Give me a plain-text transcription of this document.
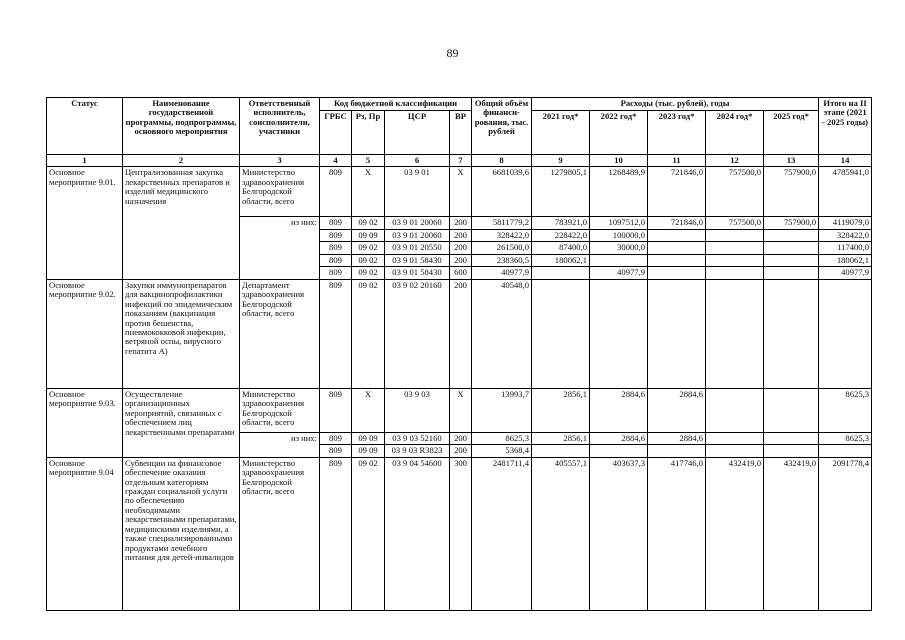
89
Статус	Наименование государственной программы, подпрограммы, основного мероприятия	Ответственный исполнитель, соисполнители, участники	Код бюджетной классификации				Общий объём финанси-рования, тыс. рублей	Расходы (тыс. рублей), годы					Итого на II этапе (2021 - 2025 годы)
			ГРБС	Рз, Пр	ЦСР	ВР		2021 год*	2022 год*	2023 год*	2024 год*	2025 год*	
1	2	3	4	5	6	7	8	9	10	11	12	13	14
Основное мероприятие 9.01.	Централизованная закупка лекарственных препаратов и изделий медицинского назначения	Министерство здравоохранения Белгородской области, всего	809	X	03 9 01	X	6681039,6	1279805,1	1268489,9	721846,0	757500,0	757900,0	4785941,0
		из них:	809	09 02	03 9 01 20060	200	5811779,2	783921,0	1097512,0	721846,0	757500,0	757900,0	4119079,0
			809	09 09	03 9 01 20060	200	328422,0	228422,0	100000,0				328422,0
			809	09 02	03 9 01 20550	200	261500,0	87400,0	30000,0				117400,0
			809	09 02	03 9 01 58430	200	238360,5	180062,1					180062,1
			809	09 02	03 9 01 58430	600	40977,9		40977,9				40977,9
Основное мероприятие 9.02.	Закупки иммунопрепаратов для вакцинопрофилактики инфекций по эпидемическим показаниям (вакцинация против бешенства, пневмококковой инфекции, ветряной оспы, вирусного гепатита А)	Департамент здравоохранения Белгородской области, всего	809	09 02	03 9 02 20160	200	40548,0						
Основное мероприятие 9.03.	Осуществление организационных мероприятий, связанных с обеспечением лиц лекарственными препаратами	Министерство здравоохранения Белгородской области, всего	809	X	03 9 03	X	13993,7	2856,1	2884,6	2884,6			8625,3
		из них:	809	09 09	03 9 03 52160	200	8625,3	2856,1	2884,6	2884,6			8625,3
			809	09 09	03 9 03 R3823	200	5368,4						
Основное мероприятие 9.04	Субвенции на финансовое обеспечение оказания отдельным категориям граждан социальной услуги по обеспечению необходимыми лекарственными препаратами, медицинскими изделиями, а также специализированными продуктами лечебного питания для детей-инвалидов	Министерство здравоохранения Белгородской области, всего	809	09 02	03 9 04 54600	300	2481711,4	405557,1	403637,3	417746,0	432419,0	432419,0	2091778,4
